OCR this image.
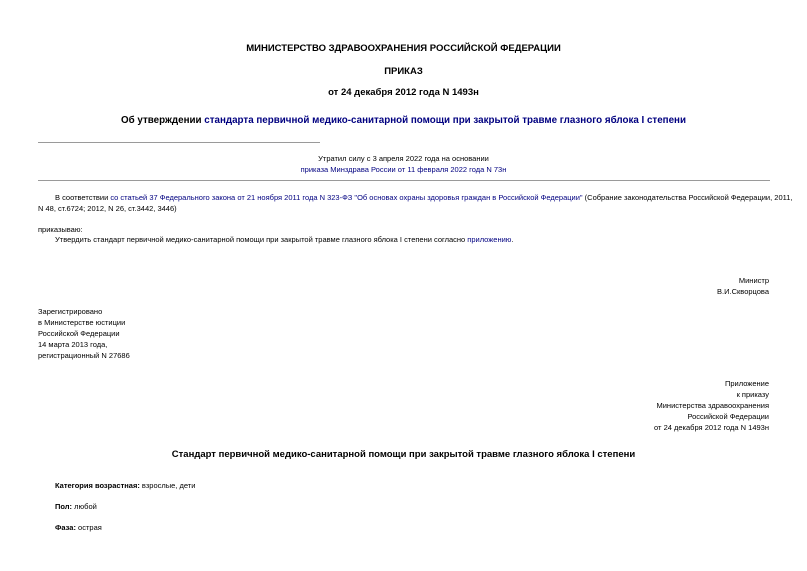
МИНИСТЕРСТВО ЗДРАВООХРАНЕНИЯ РОССИЙСКОЙ ФЕДЕРАЦИИ
ПРИКАЗ
от 24 декабря 2012 года N 1493н
Об утверждении стандарта первичной медико-санитарной помощи при закрытой травме глазного яблока I степени
Утратил силу с 3 апреля 2022 года на основании
приказа Минздрава России от 11 февраля 2022 года N 73н
В соответствии со статьей 37 Федерального закона от 21 ноября 2011 года N 323-ФЗ "Об основах охраны здоровья граждан в Российской Федерации" (Собрание законодательства Российской Федерации, 2011,
N 48, ст.6724; 2012, N 26, ст.3442, 3446)
приказываю:
Утвердить стандарт первичной медико-санитарной помощи при закрытой травме глазного яблока I степени согласно приложению.
Министр
В.И.Скворцова
Зарегистрировано
в Министерстве юстиции
Российской Федерации
14 марта 2013 года,
регистрационный N 27686
Приложение
к приказу
Министерства здравоохранения
Российской Федерации
от 24 декабря 2012 года N 1493н
Стандарт первичной медико-санитарной помощи при закрытой травме глазного яблока I степени
Категория возрастная: взрослые, дети
Пол: любой
Фаза: острая
